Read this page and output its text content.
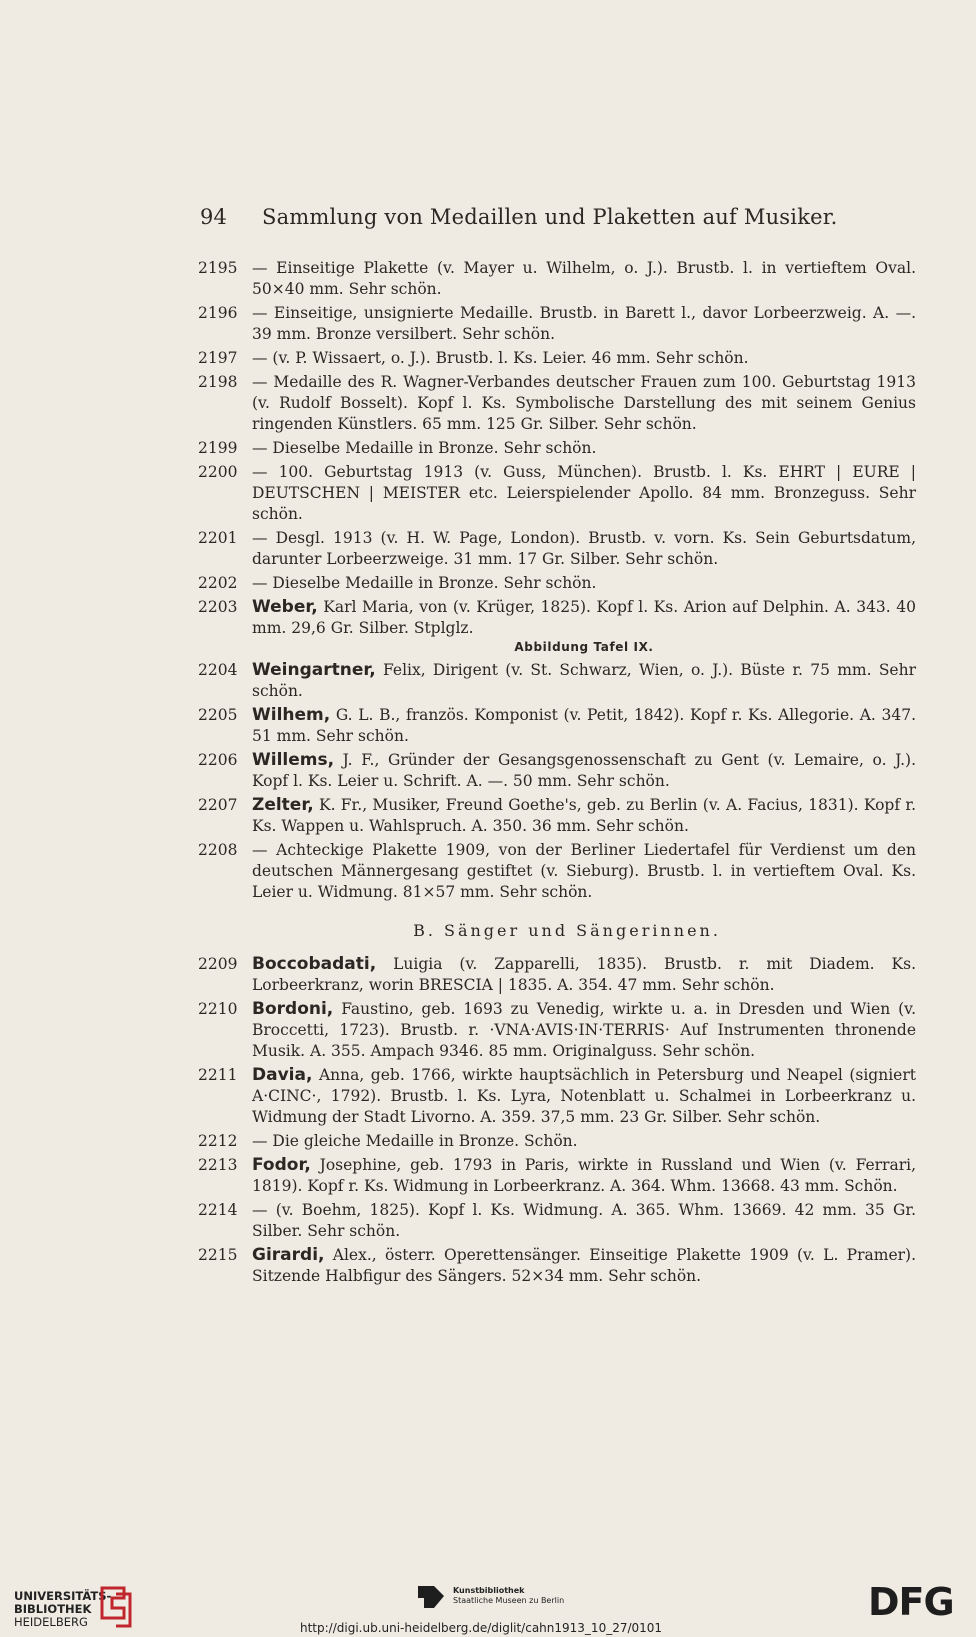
94 Sammlung von Medaillen und Plaketten auf Musiker.
2195 — Einseitige Plakette (v. Mayer u. Wilhelm, o. J.). Brustb. l. in vertieftem Oval. 50×40 mm. Sehr schön.
2196 — Einseitige, unsignierte Medaille. Brustb. in Barett l., davor Lorbeerzweig. A. —. 39 mm. Bronze versilbert. Sehr schön.
2197 — (v. P. Wissaert, o. J.). Brustb. l. Ks. Leier. 46 mm. Sehr schön.
2198 — Medaille des R. Wagner-Verbandes deutscher Frauen zum 100. Geburtstag 1913 (v. Rudolf Bosselt). Kopf l. Ks. Symbolische Darstellung des mit seinem Genius ringenden Künstlers. 65 mm. 125 Gr. Silber. Sehr schön.
2199 — Dieselbe Medaille in Bronze. Sehr schön.
2200 — 100. Geburtstag 1913 (v. Guss, München). Brustb. l. Ks. EHRT | EURE | DEUTSCHEN | MEISTER etc. Leierspielender Apollo. 84 mm. Bronzeguss. Sehr schön.
2201 — Desgl. 1913 (v. H. W. Page, London). Brustb. v. vorn. Ks. Sein Geburtsdatum, darunter Lorbeerzweige. 31 mm. 17 Gr. Silber. Sehr schön.
2202 — Dieselbe Medaille in Bronze. Sehr schön.
2203 Weber, Karl Maria, von (v. Krüger, 1825). Kopf l. Ks. Arion auf Delphin. A. 343. 40 mm. 29,6 Gr. Silber. Stplglz.
Abbildung Tafel IX.
2204 Weingartner, Felix, Dirigent (v. St. Schwarz, Wien, o. J.). Büste r. 75 mm. Sehr schön.
2205 Wilhem, G. L. B., französ. Komponist (v. Petit, 1842). Kopf r. Ks. Allegorie. A. 347. 51 mm. Sehr schön.
2206 Willems, J. F., Gründer der Gesangsgenossenschaft zu Gent (v. Lemaire, o. J.). Kopf l. Ks. Leier u. Schrift. A. —. 50 mm. Sehr schön.
2207 Zelter, K. Fr., Musiker, Freund Goethe's, geb. zu Berlin (v. A. Facius, 1831). Kopf r. Ks. Wappen u. Wahlspruch. A. 350. 36 mm. Sehr schön.
2208 — Achteckige Plakette 1909, von der Berliner Liedertafel für Verdienst um den deutschen Männergesang gestiftet (v. Sieburg). Brustb. l. in vertieftem Oval. Ks. Leier u. Widmung. 81×57 mm. Sehr schön.
B. Sänger und Sängerinnen.
2209 Boccobadati, Luigia (v. Zapparelli, 1835). Brustb. r. mit Diadem. Ks. Lorbeerkranz, worin BRESCIA | 1835. A. 354. 47 mm. Sehr schön.
2210 Bordoni, Faustino, geb. 1693 zu Venedig, wirkte u. a. in Dresden und Wien (v. Broccetti, 1723). Brustb. r. ·VNA·AVIS·IN·TERRIS· Auf Instrumenten thronende Musik. A. 355. Ampach 9346. 85 mm. Originalguss. Sehr schön.
2211 Davia, Anna, geb. 1766, wirkte hauptsächlich in Petersburg und Neapel (signiert A·CINC·, 1792). Brustb. l. Ks. Lyra, Notenblatt u. Schalmei in Lorbeerkranz u. Widmung der Stadt Livorno. A. 359. 37,5 mm. 23 Gr. Silber. Sehr schön.
2212 — Die gleiche Medaille in Bronze. Schön.
2213 Fodor, Josephine, geb. 1793 in Paris, wirkte in Russland und Wien (v. Ferrari, 1819). Kopf r. Ks. Widmung in Lorbeerkranz. A. 364. Whm. 13668. 43 mm. Schön.
2214 — (v. Boehm, 1825). Kopf l. Ks. Widmung. A. 365. Whm. 13669. 42 mm. 35 Gr. Silber. Sehr schön.
2215 Girardi, Alex., österr. Operettensänger. Einseitige Plakette 1909 (v. L. Pramer). Sitzende Halbfigur des Sängers. 52×34 mm. Sehr schön.
UNIVERSITÄTS-
BIBLIOTHEK
HEIDELBERG
Kunstbibliothek
Staatliche Museen zu Berlin	DFG
http://digi.ub.uni-heidelberg.de/diglit/cahn1913_10_27/0101
